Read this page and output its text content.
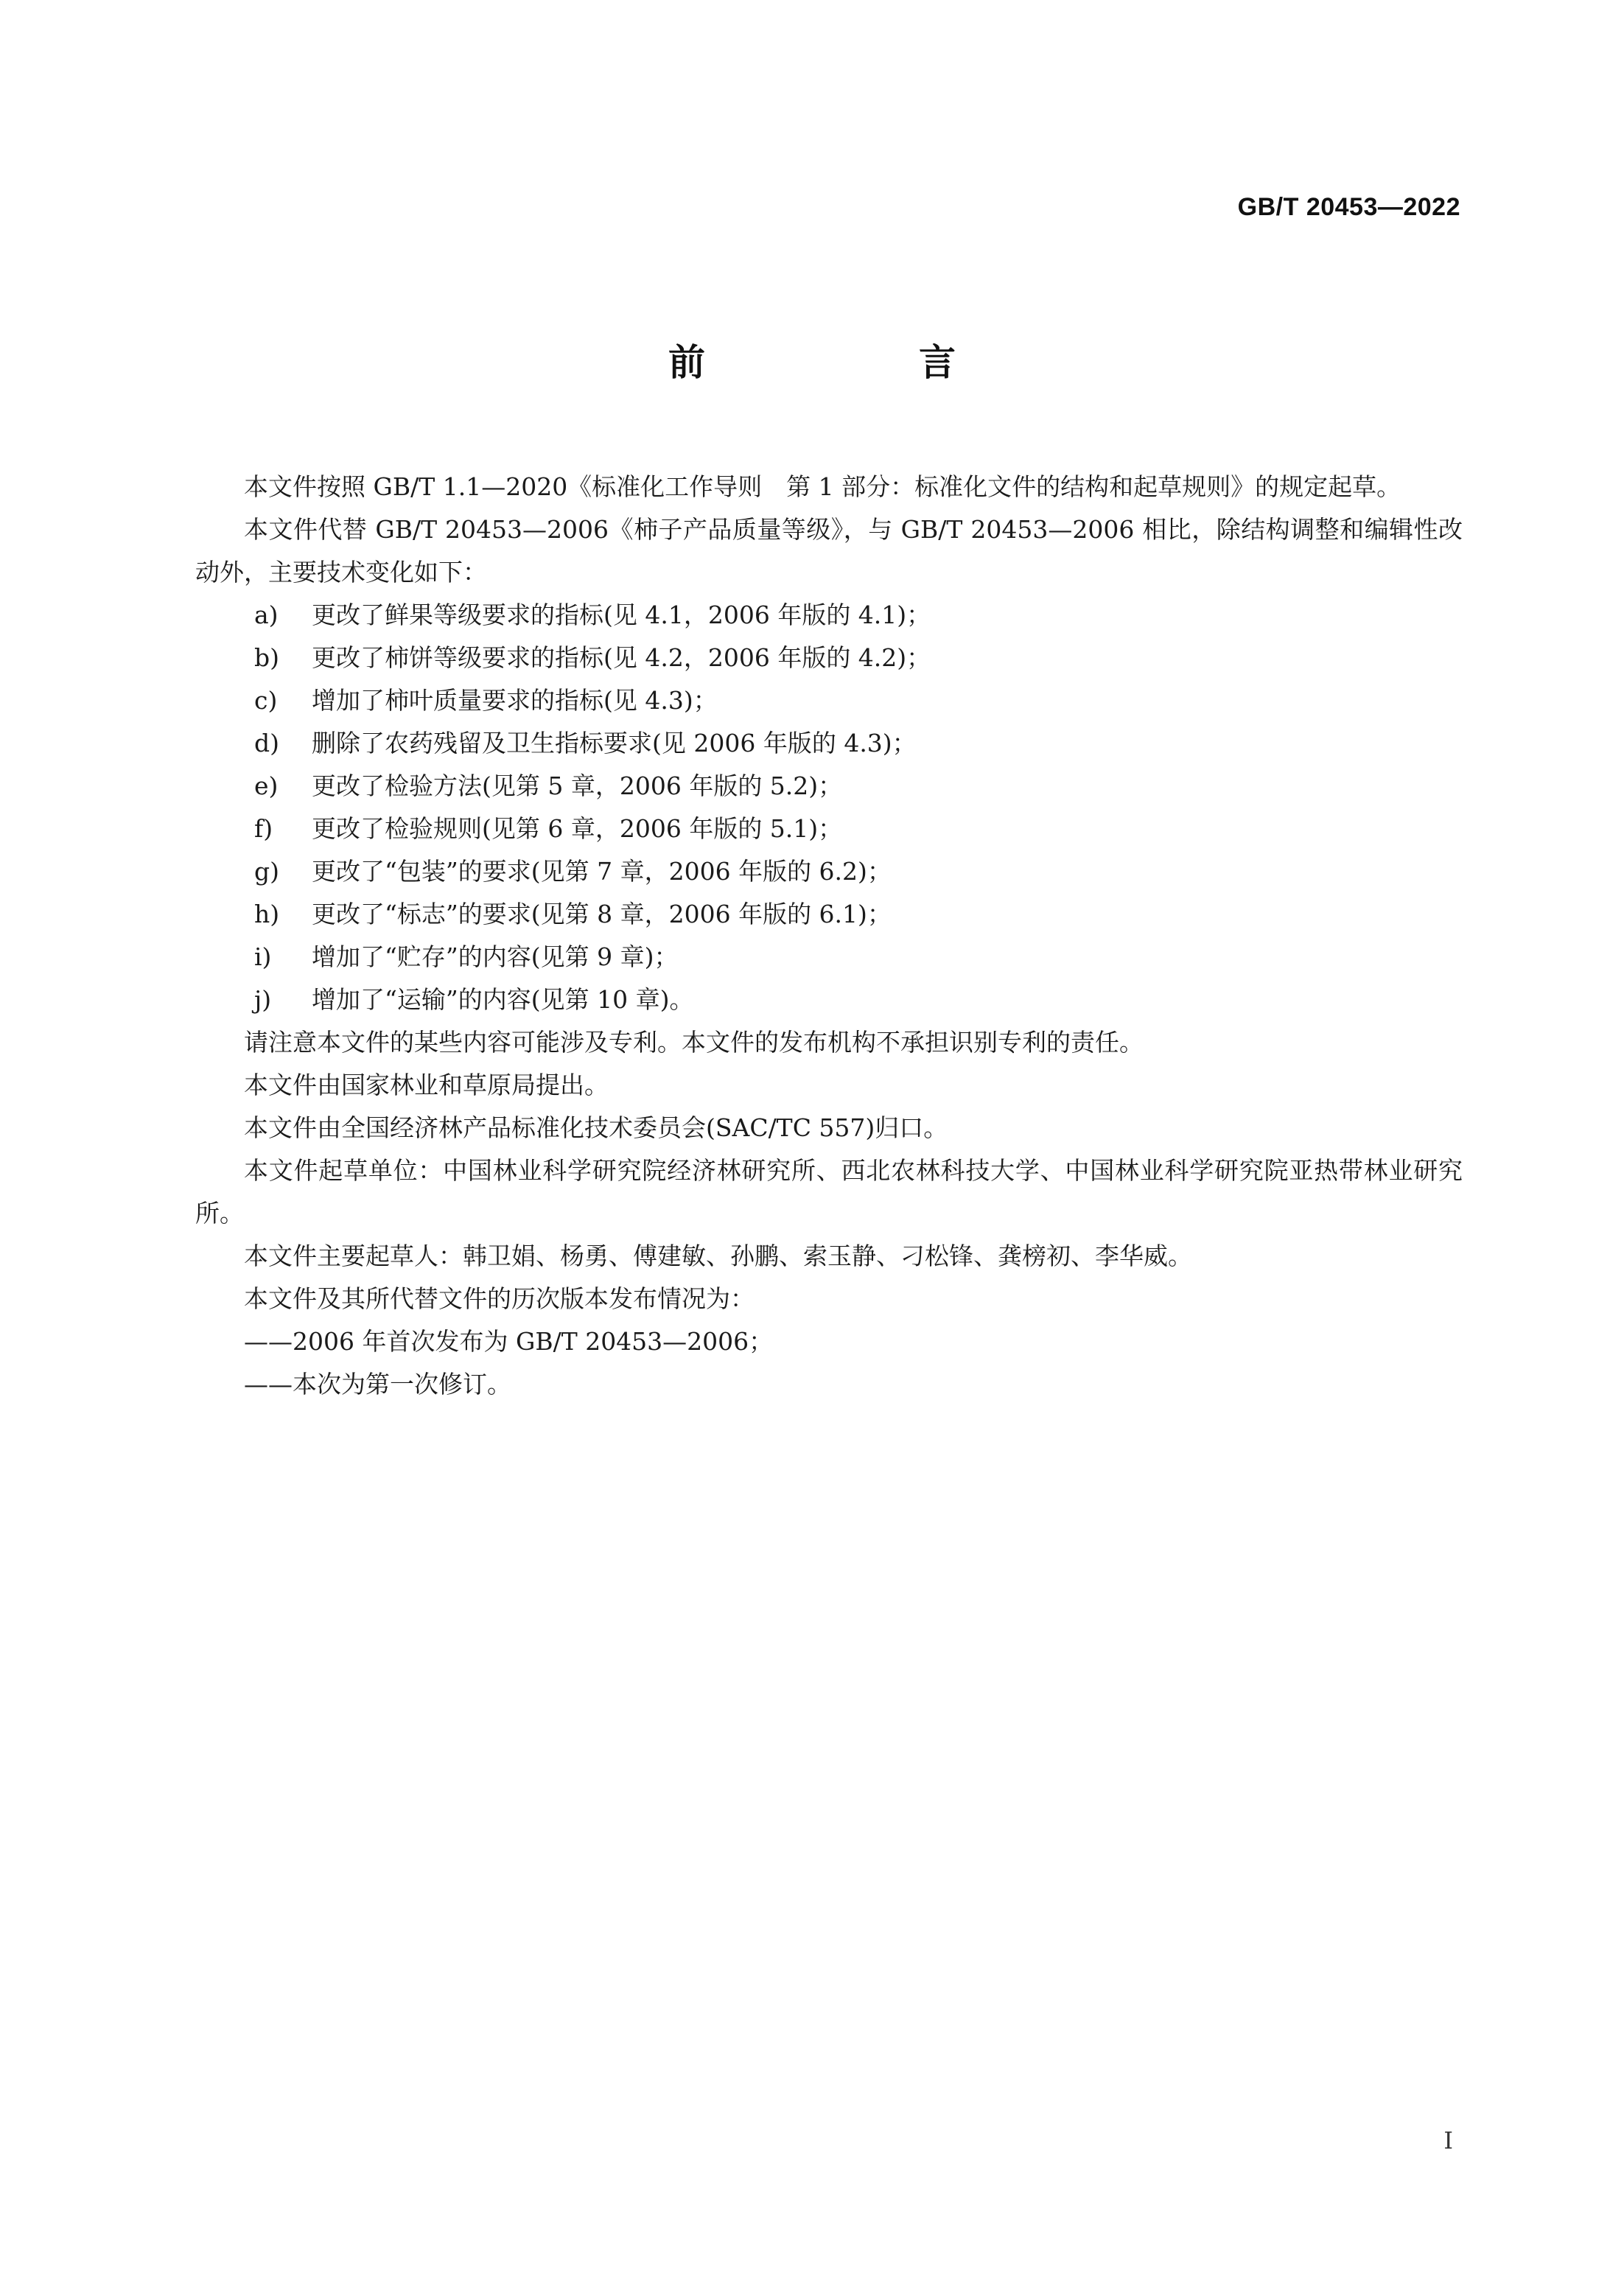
GB/T 20453—2022
前　言

本文件按照 GB/T 1.1—2020《标准化工作导则　第 1 部分：标准化文件的结构和起草规则》的规定起草。

本文件代替 GB/T 20453—2006《柿子产品质量等级》，与 GB/T 20453—2006 相比，除结构调整和编辑性改动外，主要技术变化如下：

a)	更改了鲜果等级要求的指标(见 4.1，2006 年版的 4.1)；
b)	更改了柿饼等级要求的指标(见 4.2，2006 年版的 4.2)；
c)	增加了柿叶质量要求的指标(见 4.3)；
d)	删除了农药残留及卫生指标要求(见 2006 年版的 4.3)；
e)	更改了检验方法(见第 5 章，2006 年版的 5.2)；
f)	更改了检验规则(见第 6 章，2006 年版的 5.1)；
g)	更改了“包装”的要求(见第 7 章，2006 年版的 6.2)；
h)	更改了“标志”的要求(见第 8 章，2006 年版的 6.1)；
i)	增加了“贮存”的内容(见第 9 章)；
j)	增加了“运输”的内容(见第 10 章)。

请注意本文件的某些内容可能涉及专利。本文件的发布机构不承担识别专利的责任。

本文件由国家林业和草原局提出。

本文件由全国经济林产品标准化技术委员会(SAC/TC 557)归口。

本文件起草单位：中国林业科学研究院经济林研究所、西北农林科技大学、中国林业科学研究院亚热带林业研究所。

本文件主要起草人：韩卫娟、杨勇、傅建敏、孙鹏、索玉静、刁松锋、龚榜初、李华威。

本文件及其所代替文件的历次版本发布情况为：

——2006 年首次发布为 GB/T 20453—2006；

——本次为第一次修订。

I
